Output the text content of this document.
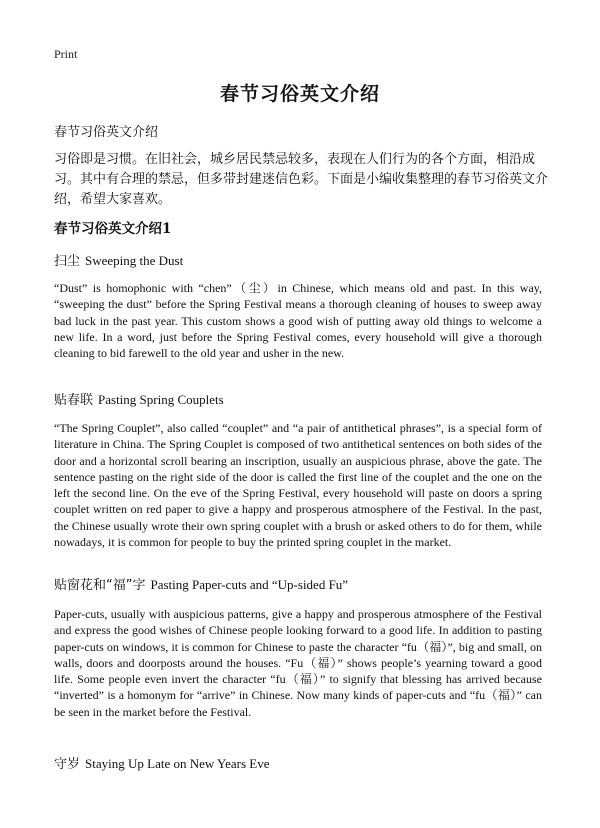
Print
春节习俗英文介绍
春节习俗英文介绍

习俗即是习惯。在旧社会，城乡居民禁忌较多，表现在人们行为的各个方面，相沿成习。其中有合理的禁忌，但多带封建迷信色彩。下面是小编收集整理的春节习俗英文介绍，希望大家喜欢。

春节习俗英文介绍1
扫尘 Sweeping the Dust

“Dust” is homophonic with “chen”（尘）in Chinese, which means old and past. In this way, “sweeping the dust” before the Spring Festival means a thorough cleaning of houses to sweep away bad luck in the past year. This custom shows a good wish of putting away old things to welcome a new life. In a word, just before the Spring Festival comes, every household will give a thorough cleaning to bid farewell to the old year and usher in the new.

贴春联 Pasting Spring Couplets

“The Spring Couplet”, also called “couplet” and “a pair of antithetical phrases”, is a special form of literature in China. The Spring Couplet is composed of two antithetical sentences on both sides of the door and a horizontal scroll bearing an inscription, usually an auspicious phrase, above the gate. The sentence pasting on the right side of the door is called the first line of the couplet and the one on the left the second line. On the eve of the Spring Festival, every household will paste on doors a spring couplet written on red paper to give a happy and prosperous atmosphere of the Festival. In the past, the Chinese usually wrote their own spring couplet with a brush or asked others to do for them, while nowadays, it is common for people to buy the printed spring couplet in the market.

贴窗花和“福”字 Pasting Paper-cuts and “Up-sided Fu”

Paper-cuts, usually with auspicious patterns, give a happy and prosperous atmosphere of the Festival and express the good wishes of Chinese people looking forward to a good life. In addition to pasting paper-cuts on windows, it is common for Chinese to paste the character “fu（福）”, big and small, on walls, doors and doorposts around the houses. “Fu（福）” shows people’s yearning toward a good life. Some people even invert the character “fu（福）” to signify that blessing has arrived because “inverted” is a homonym for “arrive” in Chinese. Now many kinds of paper-cuts and “fu（福）” can be seen in the market before the Festival.

守岁 Staying Up Late on New Years Eve
